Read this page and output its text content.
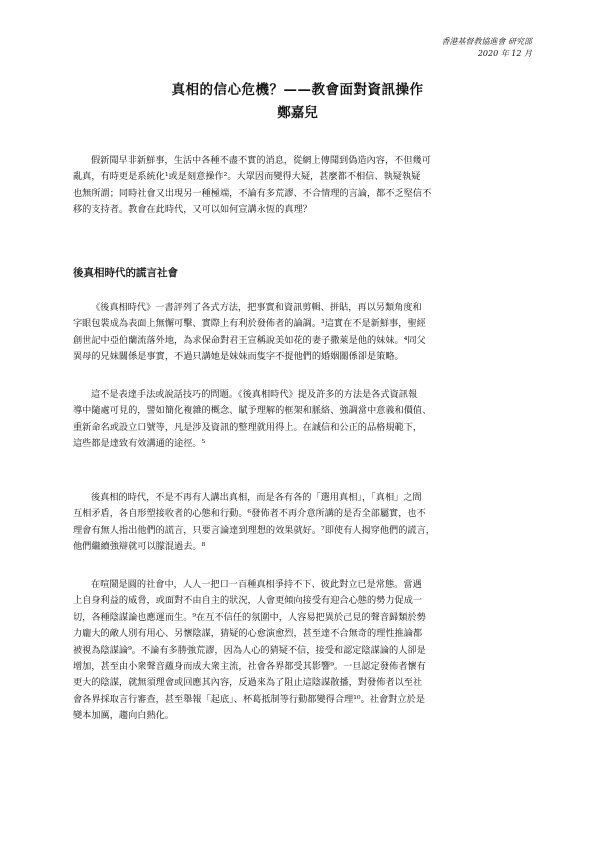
香港基督教協進會 研究部
2020 年 12 月
真相的信心危機？——教會面對資訊操作
鄭嘉兒

假新聞早非新鮮事，生活中各種不盡不實的消息，從網上傳聞到偽造內容，不但幾可
亂真，有時更是系統化¹或是刻意操作²。大眾因而變得大疑，甚麼都不相信、執疑執疑
也無所謂；同時社會又出現另一種極端，不論有多荒謬、不合情理的言論，都不乏堅信不
移的支持者。教會在此時代，又可以如何宣講永恆的真理？

後真相時代的謊言社會

《後真相時代》一書評列了各式方法，把事實和資訊剪輯、拼貼，再以另類角度和
字眼包裝成為表面上無懈可擊、實際上有利於發佈者的論調。³這實在不是新鮮事，聖經
創世記中亞伯蘭流落外地，為求保命對君王宣稱說美如花的妻子撒萊是他的妹妹。⁴同父
異母的兄妹關係是事實，不過只講她是妹妹而隻字不提他們的婚姻關係卻是策略。

這不是表達手法或說話技巧的問題。《後真相時代》提及許多的方法是各式資訊報
導中隨處可見的，譬如簡化複雜的概念、賦予理解的框架和脈絡、強調當中意義和價值、
重新命名或設立口號等，凡是涉及資訊的整理就用得上。在誠信和公正的品格規範下，
這些都是達致有效溝通的途徑。⁵

後真相的時代，不是不再有人講出真相，而是各有各的「選用真相」，「真相」之間
互相矛盾，各自形塑接收者的心態和行動。⁶發佈者不再介意所講的是否全部屬實，也不
理會有無人指出他們的謊言，只要言論達到理想的效果就好。⁷即使有人揭穿他們的謊言，
他們繼續強辯就可以朦混過去。⁸

在喧鬧是圓的社會中，人人一把口一百種真相爭持不下、彼此對立已是常態。當遇
上自身利益的威脅，或面對不由自主的狀況，人會更傾向接受有迎合心態的勢力促成一
切，各種陰謀論也應運而生。⁹在互不信任的氛圍中，人容易把異於己見的聲音歸類於勢
力龐大的敵人別有用心、另懷陰謀，猜疑的心愈演愈烈，甚至達不合無奇的理性推論都
被視為陰謀論⁹。不論有多勝強荒謬，因為人心的猜疑不信，接受和認定陰謀論的人卻是
增加，甚至由小衆聲音蘊身而成大衆主流，社會各界都受其影響⁹。一旦認定發佈者懷有
更大的陰謀，就無須理會或回應其內容，反過來為了阻止這陰謀散播，對發佈者以至社
會各界採取言行審查，甚至舉報「起底」、杯葛抵制等行動都變得合理¹⁰。社會對立於是
變本加厲，趨向白熱化。
